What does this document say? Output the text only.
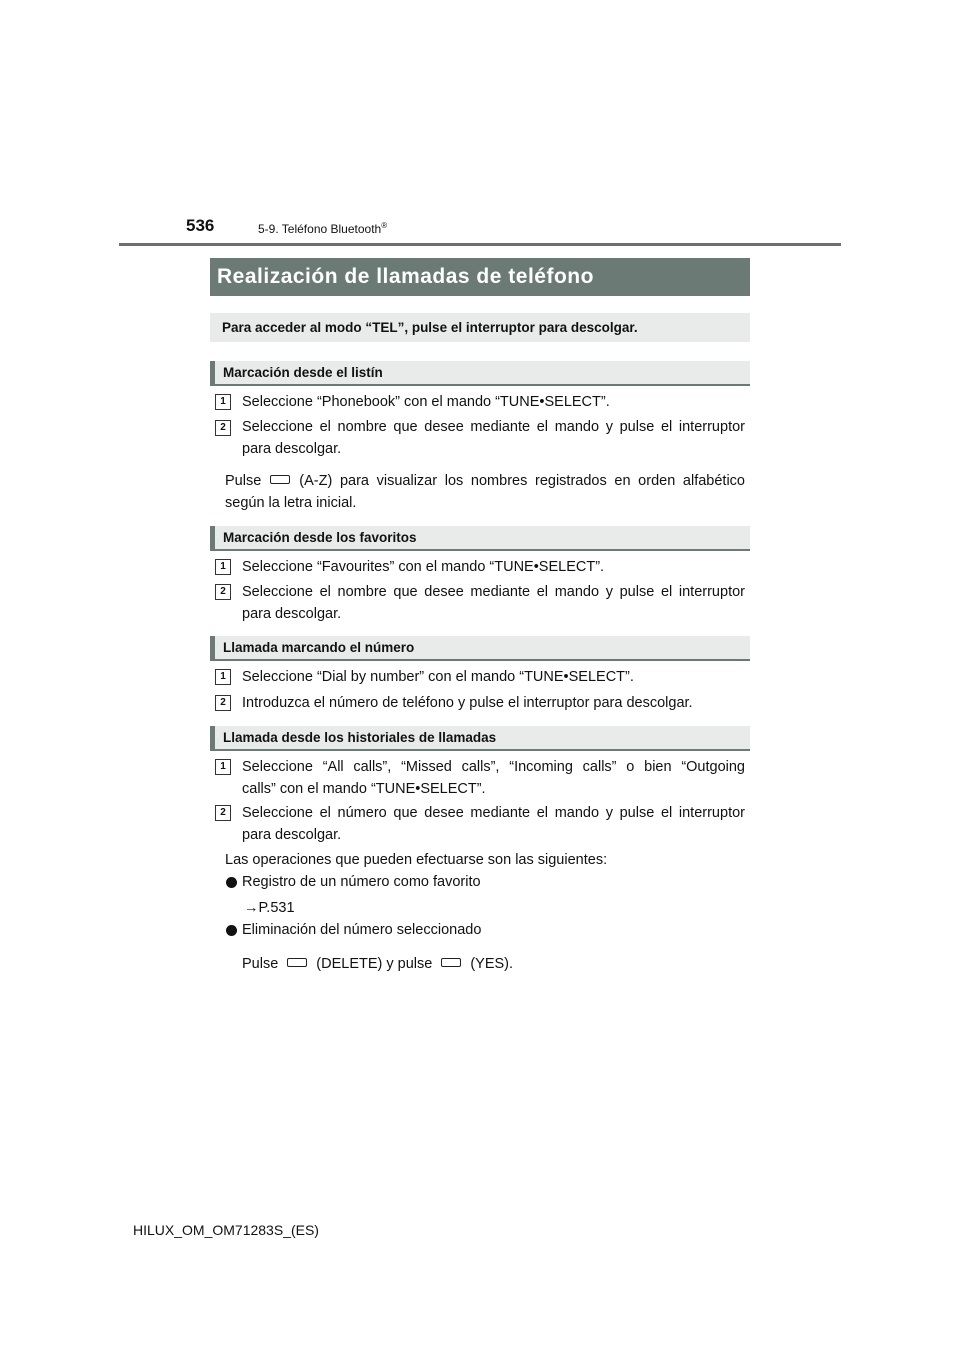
536	5-9. Teléfono Bluetooth®
Realización de llamadas de teléfono
Para acceder al modo “TEL”, pulse el interruptor para descolgar.
Marcación desde el listín
1	Seleccione “Phonebook” con el mando “TUNE•SELECT”.
2	Seleccione el nombre que desee mediante el mando y pulse el interruptor
para descolgar.
Pulse	(A-Z) para visualizar los nombres registrados en orden alfabético
según la letra inicial.
Marcación desde los favoritos
1	Seleccione “Favourites” con el mando “TUNE•SELECT”.
2	Seleccione el nombre que desee mediante el mando y pulse el interruptor
para descolgar.
Llamada marcando el número
1	Seleccione “Dial by number” con el mando “TUNE•SELECT”.
2	Introduzca el número de teléfono y pulse el interruptor para descolgar.
Llamada desde los historiales de llamadas
1	Seleccione “All calls”, “Missed calls”, “Incoming calls” o bien “Outgoing
calls” con el mando “TUNE•SELECT”.
2	Seleccione el número que desee mediante el mando y pulse el interruptor
para descolgar.
Las operaciones que pueden efectuarse son las siguientes:
Registro de un número como favorito
→P.531
Eliminación del número seleccionado
Pulse	(DELETE) y pulse	(YES).
HILUX_OM_OM71283S_(ES)
